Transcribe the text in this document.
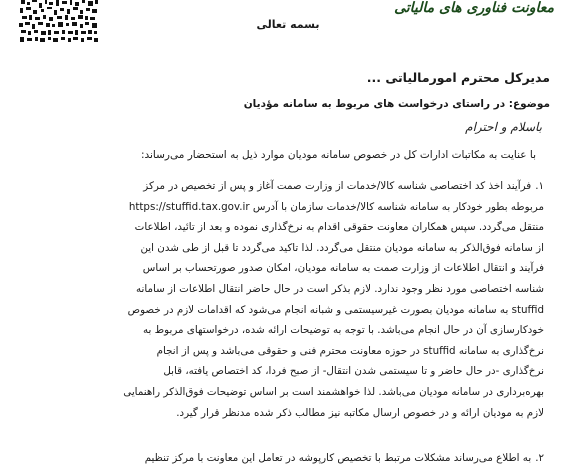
معاونت فناوری های مالیاتی
بسمه تعالی
مدیرکل محترم امورمالیاتی ...
موضوع: در راستای درخواست های مربوط به سامانه مؤدیان
باسلام و احترام
با عنایت به مکاتبات ادارات کل در خصوص سامانه مودیان موارد ذیل به استحضار می‌رساند:
۱.فرآیند اخذ کد اختصاصی شناسه کالا/خدمات از وزارت صمت آغاز و پس از تخصیص در مرکز
مربوطه بطور خودکار به سامانه شناسه کالا/خدمات سازمان با آدرس https://stuffid.tax.gov.ir
منتقل می‌گردد. سپس همکاران معاونت حقوقی اقدام به نرخ‌گذاری نموده و بعد از تائید، اطلاعات
از سامانه فوق‌الذکر به سامانه مودیان منتقل می‌گردد. لذا تاکید می‌گردد تا قبل از طی شدن این
فرآیند و انتقال اطلاعات از وزارت صمت به سامانه مودیان، امکان صدور صورتحساب بر اساس
شناسه اختصاصی مورد نظر وجود ندارد. لازم بذکر است در حال حاضر انتقال اطلاعات از سامانه
stuffid به سامانه مودیان بصورت غیرسیستمی و شبانه انجام می‌شود که اقدامات لازم در خصوص
خودکارسازی آن در حال انجام می‌باشد. با توجه به توضیحات ارائه شده، درخواستهای مربوط به
نرخ‌گذاری به سامانه stuffid در حوزه معاونت محترم فنی و حقوقی می‌باشد و پس از انجام
نرخ‌گذاری -در حال حاضر و تا سیستمی شدن انتقال- از صبح فردا، کد اختصاص یافته، قابل
بهره‌برداری در سامانه مودیان می‌باشد. لذا خواهشمند است بر اساس توضیحات فوق‌الذکر راهنمایی
لازم به مودیان ارائه و در خصوص ارسال مکاتبه نیز مطالب ذکر شده مدنظر قرار گیرد.
۲.به اطلاع می‌رساند مشکلات مرتبط با تخصیص کارپوشه در تعامل این معاونت با مرکز تنظیم
